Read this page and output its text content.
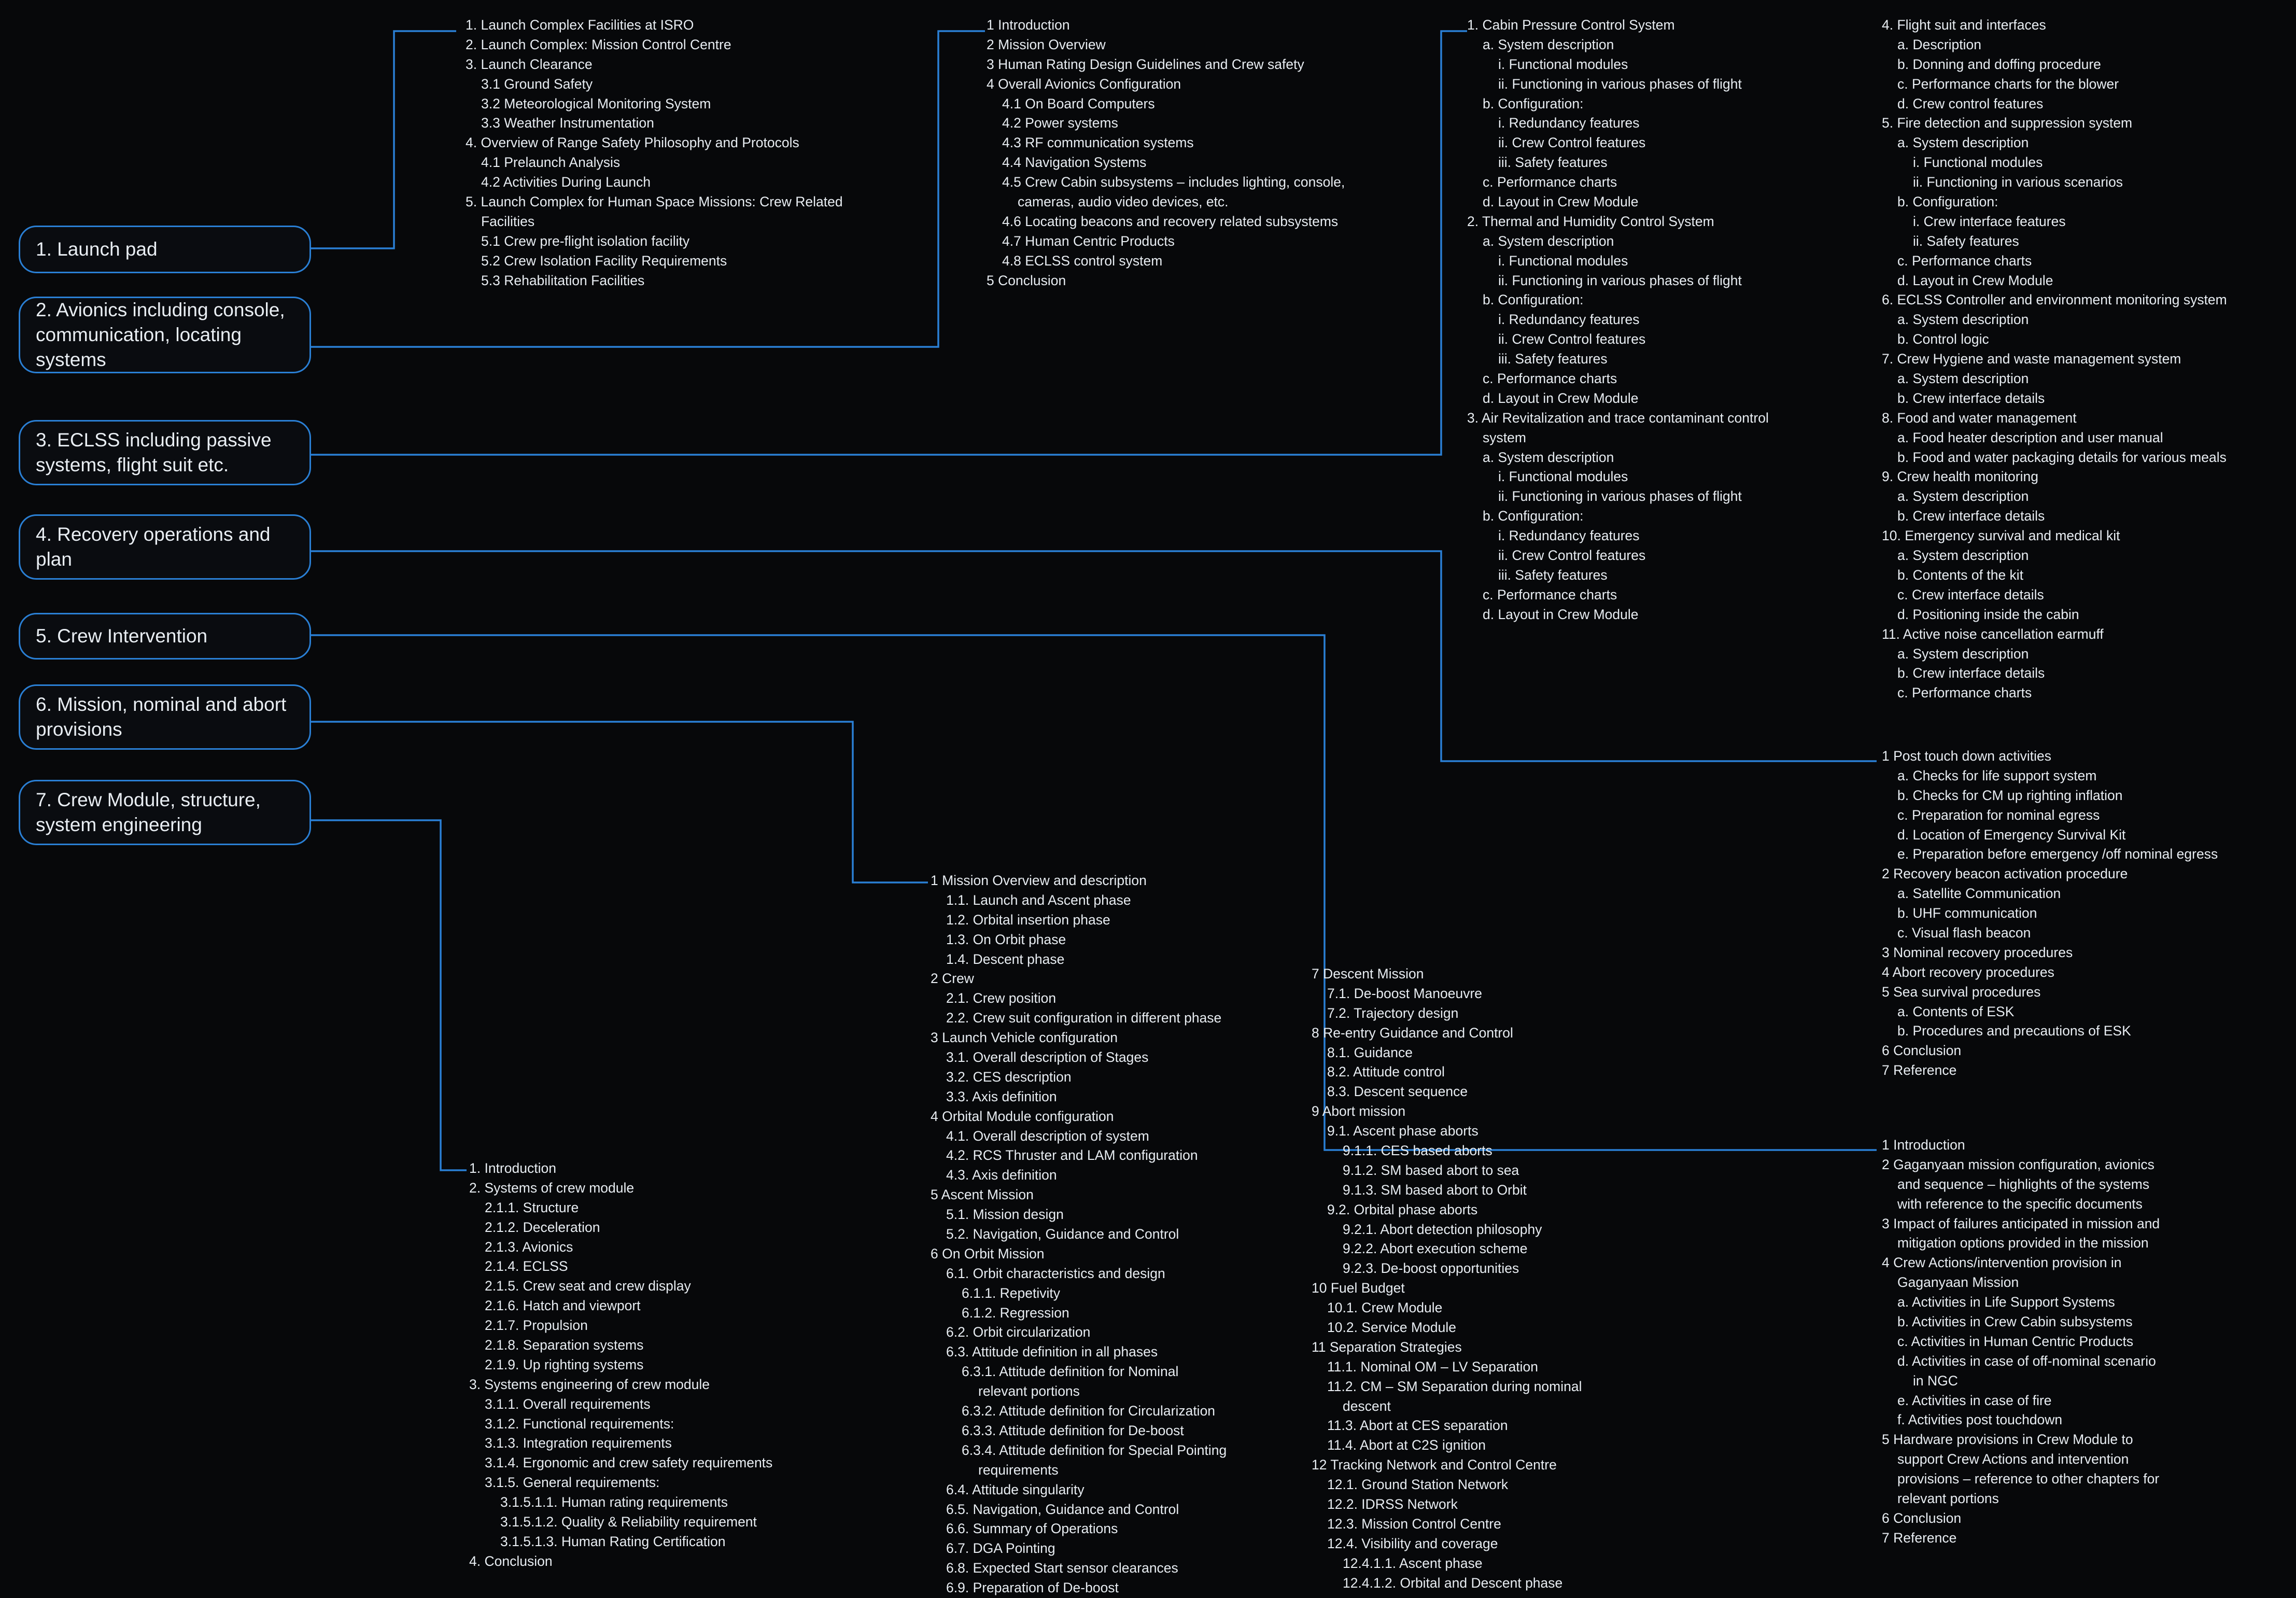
1. Launch pad
2. Avionics including console, communication, locating systems
3. ECLSS including passive systems, flight suit etc.
4. Recovery operations and plan
5. Crew Intervention
6. Mission, nominal and abort provisions
7. Crew Module, structure, system engineering
1. Launch Complex Facilities at ISRO
2. Launch Complex: Mission Control Centre
3. Launch Clearance
3.1 Ground Safety
3.2 Meteorological Monitoring System
3.3 Weather Instrumentation
4. Overview of Range Safety Philosophy and Protocols
4.1 Prelaunch Analysis
4.2 Activities During Launch
5. Launch Complex for Human Space Missions: Crew Related
Facilities
5.1 Crew pre-flight isolation facility
5.2 Crew Isolation Facility Requirements
5.3 Rehabilitation Facilities
1 Introduction
2 Mission Overview
3 Human Rating Design Guidelines and Crew safety
4 Overall Avionics Configuration
4.1 On Board Computers
4.2 Power systems
4.3 RF communication systems
4.4 Navigation Systems
4.5 Crew Cabin subsystems – includes lighting, console,
cameras, audio video devices, etc.
4.6 Locating beacons and recovery related subsystems
4.7 Human Centric Products
4.8 ECLSS control system
5 Conclusion
1. Cabin Pressure Control System
a. System description
i. Functional modules
ii. Functioning in various phases of flight
b. Configuration:
i. Redundancy features
ii. Crew Control features
iii. Safety features
c. Performance charts
d. Layout in Crew Module
2. Thermal and Humidity Control System
a. System description
i. Functional modules
ii. Functioning in various phases of flight
b. Configuration:
i. Redundancy features
ii. Crew Control features
iii. Safety features
c. Performance charts
d. Layout in Crew Module
3. Air Revitalization and trace contaminant control
system
a. System description
i. Functional modules
ii. Functioning in various phases of flight
b. Configuration:
i. Redundancy features
ii. Crew Control features
iii. Safety features
c. Performance charts
d. Layout in Crew Module
4. Flight suit and interfaces
a. Description
b. Donning and doffing procedure
c. Performance charts for the blower
d. Crew control features
5. Fire detection and suppression system
a. System description
i. Functional modules
ii. Functioning in various scenarios
b. Configuration:
i. Crew interface features
ii. Safety features
c. Performance charts
d. Layout in Crew Module
6. ECLSS Controller and environment monitoring system
a. System description
b. Control logic
7. Crew Hygiene and waste management system
a. System description
b. Crew interface details
8. Food and water management
a. Food heater description and user manual
b. Food and water packaging details for various meals
9. Crew health monitoring
a. System description
b. Crew interface details
10. Emergency survival and medical kit
a. System description
b. Contents of the kit
c. Crew interface details
d. Positioning inside the cabin
11. Active noise cancellation earmuff
a. System description
b. Crew interface details
c. Performance charts
1 Post touch down activities
a. Checks for life support system
b. Checks for CM up righting inflation
c. Preparation for nominal egress
d. Location of Emergency Survival Kit
e. Preparation before emergency /off nominal egress
2 Recovery beacon activation procedure
a. Satellite Communication
b. UHF communication
c. Visual flash beacon
3 Nominal recovery procedures
4 Abort recovery procedures
5 Sea survival procedures
a. Contents of ESK
b. Procedures and precautions of ESK
6 Conclusion
7 Reference
1 Introduction
2 Gaganyaan mission configuration, avionics
and sequence – highlights of the systems
with reference to the specific documents
3 Impact of failures anticipated in mission and
mitigation options provided in the mission
4 Crew Actions/intervention provision in
Gaganyaan Mission
a. Activities in Life Support Systems
b. Activities in Crew Cabin subsystems
c. Activities in Human Centric Products
d. Activities in case of off-nominal scenario
in NGC
e. Activities in case of fire
f. Activities post touchdown
5 Hardware provisions in Crew Module to
support Crew Actions and intervention
provisions – reference to other chapters for
relevant portions
6 Conclusion
7 Reference
1 Mission Overview and description
1.1. Launch and Ascent phase
1.2. Orbital insertion phase
1.3. On Orbit phase
1.4. Descent phase
2 Crew
2.1. Crew position
2.2. Crew suit configuration in different phase
3 Launch Vehicle configuration
3.1. Overall description of Stages
3.2. CES description
3.3. Axis definition
4 Orbital Module configuration
4.1. Overall description of system
4.2. RCS Thruster and LAM configuration
4.3. Axis definition
5 Ascent Mission
5.1. Mission design
5.2. Navigation, Guidance and Control
6 On Orbit Mission
6.1. Orbit characteristics and design
6.1.1. Repetivity
6.1.2. Regression
6.2. Orbit circularization
6.3. Attitude definition in all phases
6.3.1. Attitude definition for Nominal
relevant portions
6.3.2. Attitude definition for Circularization
6.3.3. Attitude definition for De-boost
6.3.4. Attitude definition for Special Pointing
requirements
6.4. Attitude singularity
6.5. Navigation, Guidance and Control
6.6. Summary of Operations
6.7. DGA Pointing
6.8. Expected Start sensor clearances
6.9. Preparation of De-boost
7 Descent Mission
7.1. De-boost Manoeuvre
7.2. Trajectory design
8 Re-entry Guidance and Control
8.1. Guidance
8.2. Attitude control
8.3. Descent sequence
9 Abort mission
9.1. Ascent phase aborts
9.1.1. CES based aborts
9.1.2. SM based abort to sea
9.1.3. SM based abort to Orbit
9.2. Orbital phase aborts
9.2.1. Abort detection philosophy
9.2.2. Abort execution scheme
9.2.3. De-boost opportunities
10 Fuel Budget
10.1. Crew Module
10.2. Service Module
11 Separation Strategies
11.1. Nominal OM – LV Separation
11.2. CM – SM Separation during nominal
descent
11.3. Abort at CES separation
11.4. Abort at C2S ignition
12 Tracking Network and Control Centre
12.1. Ground Station Network
12.2. IDRSS Network
12.3. Mission Control Centre
12.4. Visibility and coverage
12.4.1.1. Ascent phase
12.4.1.2. Orbital and Descent phase
1. Introduction
2. Systems of crew module
2.1.1. Structure
2.1.2. Deceleration
2.1.3. Avionics
2.1.4. ECLSS
2.1.5. Crew seat and crew display
2.1.6. Hatch and viewport
2.1.7. Propulsion
2.1.8. Separation systems
2.1.9. Up righting systems
3. Systems engineering of crew module
3.1.1. Overall requirements
3.1.2. Functional requirements:
3.1.3. Integration requirements
3.1.4. Ergonomic and crew safety requirements
3.1.5. General requirements:
3.1.5.1.1. Human rating requirements
3.1.5.1.2. Quality & Reliability requirement
3.1.5.1.3. Human Rating Certification
4. Conclusion
